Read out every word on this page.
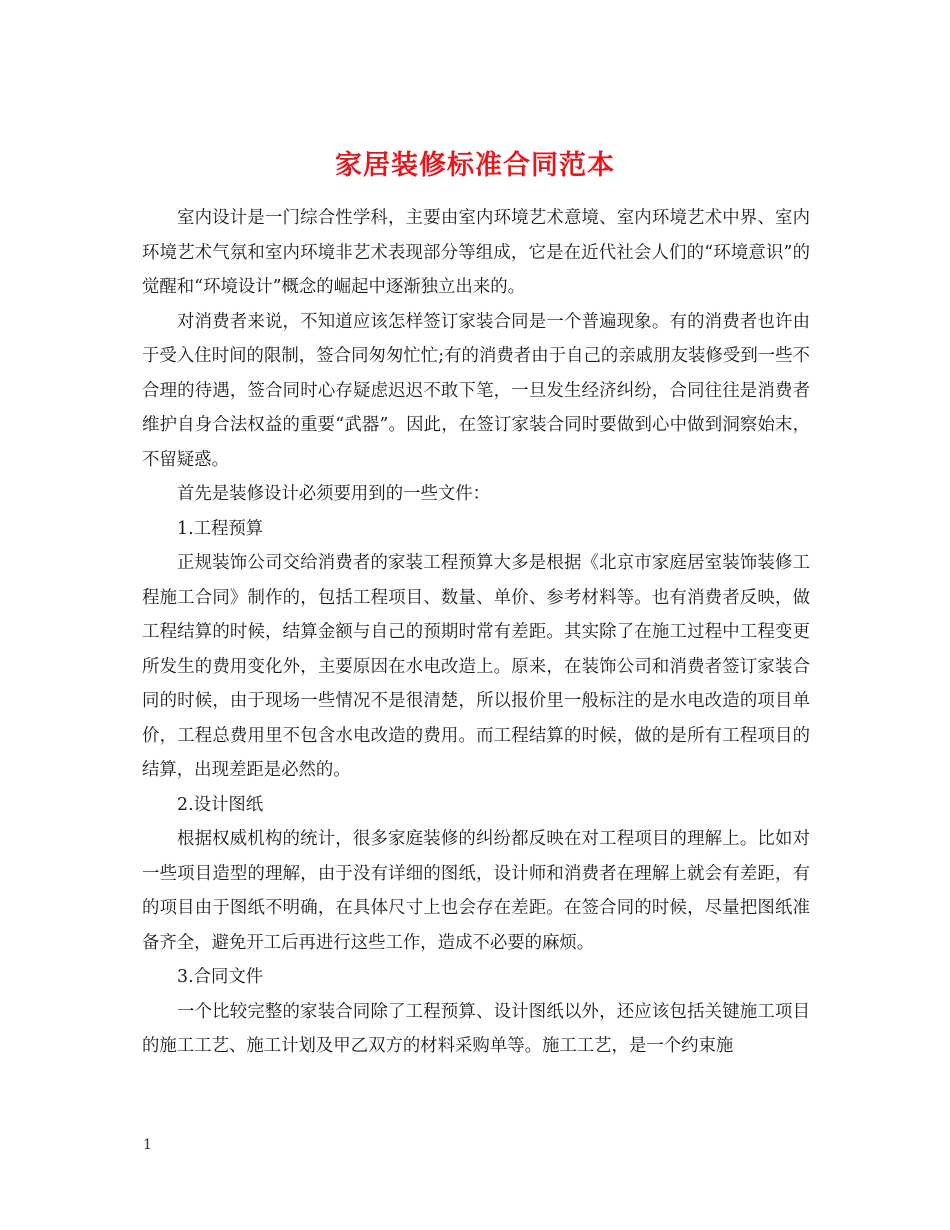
家居装修标准合同范本

室内设计是一门综合性学科，主要由室内环境艺术意境、室内环境艺术中界、室内环境艺术气氛和室内环境非艺术表现部分等组成，它是在近代社会人们的“环境意识”的觉醒和“环境设计”概念的崛起中逐渐独立出来的。

对消费者来说，不知道应该怎样签订家装合同是一个普遍现象。有的消费者也许由于受入住时间的限制，签合同匆匆忙忙;有的消费者由于自己的亲戚朋友装修受到一些不合理的待遇，签合同时心存疑虑迟迟不敢下笔，一旦发生经济纠纷，合同往往是消费者维护自身合法权益的重要“武器”。因此，在签订家装合同时要做到心中做到洞察始末，不留疑惑。

首先是装修设计必须要用到的一些文件：

1.工程预算

正规装饰公司交给消费者的家装工程预算大多是根据《北京市家庭居室装饰装修工程施工合同》制作的，包括工程项目、数量、单价、参考材料等。也有消费者反映，做工程结算的时候，结算金额与自己的预期时常有差距。其实除了在施工过程中工程变更所发生的费用变化外，主要原因在水电改造上。原来，在装饰公司和消费者签订家装合同的时候，由于现场一些情况不是很清楚，所以报价里一般标注的是水电改造的项目单价，工程总费用里不包含水电改造的费用。而工程结算的时候，做的是所有工程项目的结算，出现差距是必然的。

2.设计图纸

根据权威机构的统计，很多家庭装修的纠纷都反映在对工程项目的理解上。比如对一些项目造型的理解，由于没有详细的图纸，设计师和消费者在理解上就会有差距，有的项目由于图纸不明确，在具体尺寸上也会存在差距。在签合同的时候，尽量把图纸准备齐全，避免开工后再进行这些工作，造成不必要的麻烦。

3.合同文件

一个比较完整的家装合同除了工程预算、设计图纸以外，还应该包括关键施工项目的施工工艺、施工计划及甲乙双方的材料采购单等。施工工艺，是一个约束施

1
